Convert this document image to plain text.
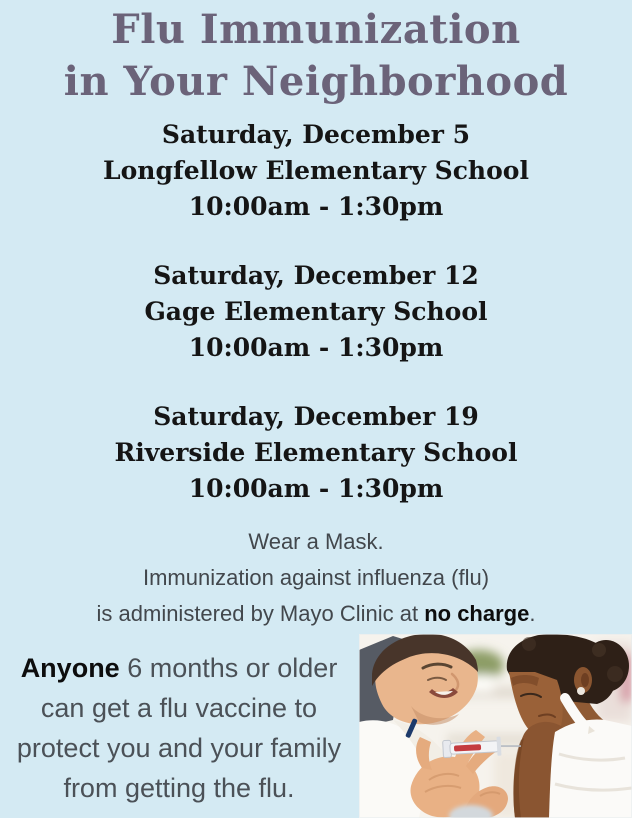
Flu Immunization
in Your Neighborhood
Saturday, December 5
Longfellow Elementary School
10:00am - 1:30pm
Saturday, December 12
Gage Elementary School
10:00am - 1:30pm
Saturday, December 19
Riverside Elementary School
10:00am - 1:30pm
Wear a Mask.
Immunization against influenza (flu)
is administered by Mayo Clinic at no charge.
Anyone 6 months or older
can get a flu vaccine to
protect you and your family
from getting the flu.
